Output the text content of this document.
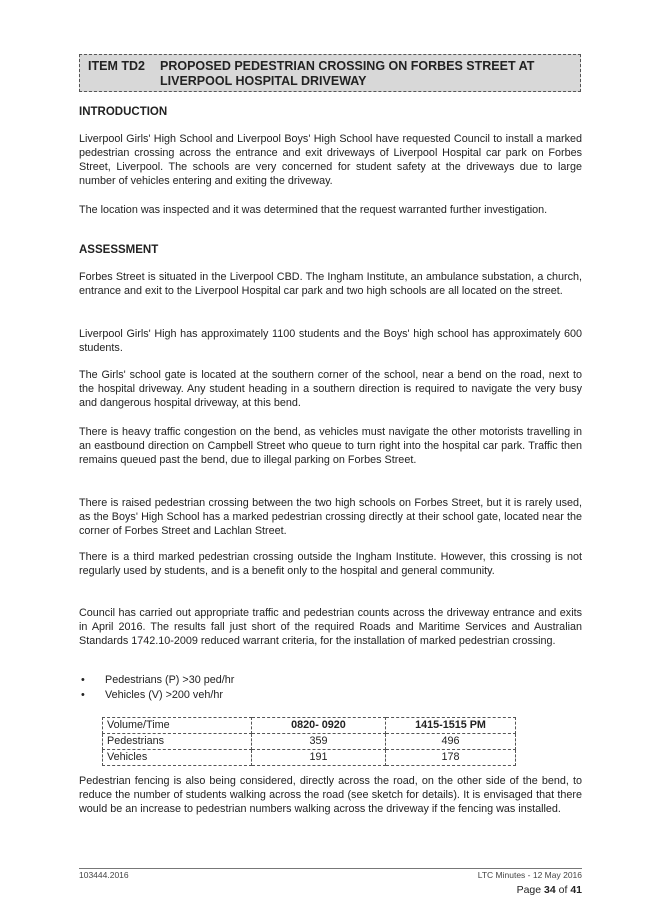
ITEM TD2	PROPOSED PEDESTRIAN CROSSING ON FORBES STREET AT LIVERPOOL HOSPITAL DRIVEWAY
INTRODUCTION

Liverpool Girls' High School and Liverpool Boys' High School have requested Council to install a marked pedestrian crossing across the entrance and exit driveways of Liverpool Hospital car park on Forbes Street, Liverpool. The schools are very concerned for student safety at the driveways due to large number of vehicles entering and exiting the driveway.

The location was inspected and it was determined that the request warranted further investigation.

ASSESSMENT

Forbes Street is situated in the Liverpool CBD. The Ingham Institute, an ambulance substation, a church, entrance and exit to the Liverpool Hospital car park and two high schools are all located on the street.

Liverpool Girls' High has approximately 1100 students and the Boys' high school has approximately 600 students.

The Girls' school gate is located at the southern corner of the school, near a bend on the road, next to the hospital driveway. Any student heading in a southern direction is required to navigate the very busy and dangerous hospital driveway, at this bend.

There is heavy traffic congestion on the bend, as vehicles must navigate the other motorists travelling in an eastbound direction on Campbell Street who queue to turn right into the hospital car park. Traffic then remains queued past the bend, due to illegal parking on Forbes Street.

There is raised pedestrian crossing between the two high schools on Forbes Street, but it is rarely used, as the Boys' High School has a marked pedestrian crossing directly at their school gate, located near the corner of Forbes Street and Lachlan Street.

There is a third marked pedestrian crossing outside the Ingham Institute. However, this crossing is not regularly used by students, and is a benefit only to the hospital and general community.

Council has carried out appropriate traffic and pedestrian counts across the driveway entrance and exits in April 2016. The results fall just short of the required Roads and Maritime Services and Australian Standards 1742.10-2009 reduced warrant criteria, for the installation of marked pedestrian crossing.

• Pedestrians (P) >30 ped/hr
• Vehicles (V) >200 veh/hr
Volume/Time	0820- 0920	1415-1515 PM
Pedestrians	359	496
Vehicles	191	178

Pedestrian fencing is also being considered, directly across the road, on the other side of the bend, to reduce the number of students walking across the road (see sketch for details). It is envisaged that there would be an increase to pedestrian numbers walking across the driveway if the fencing was installed.

103444.2016	LTC Minutes - 12 May 2016
Page 34 of 41
